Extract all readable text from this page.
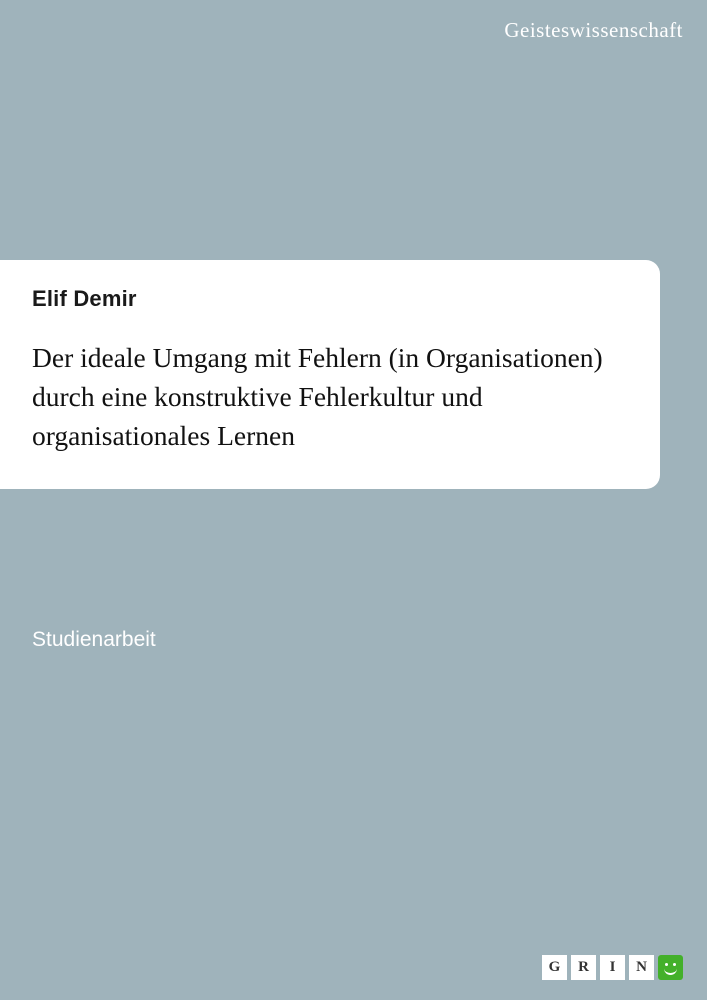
Geisteswissenschaft
Elif Demir
Der ideale Umgang mit Fehlern (in Organisationen) durch eine konstruktive Fehlerkultur und organisationales Lernen
Studienarbeit
G	R	I	N
